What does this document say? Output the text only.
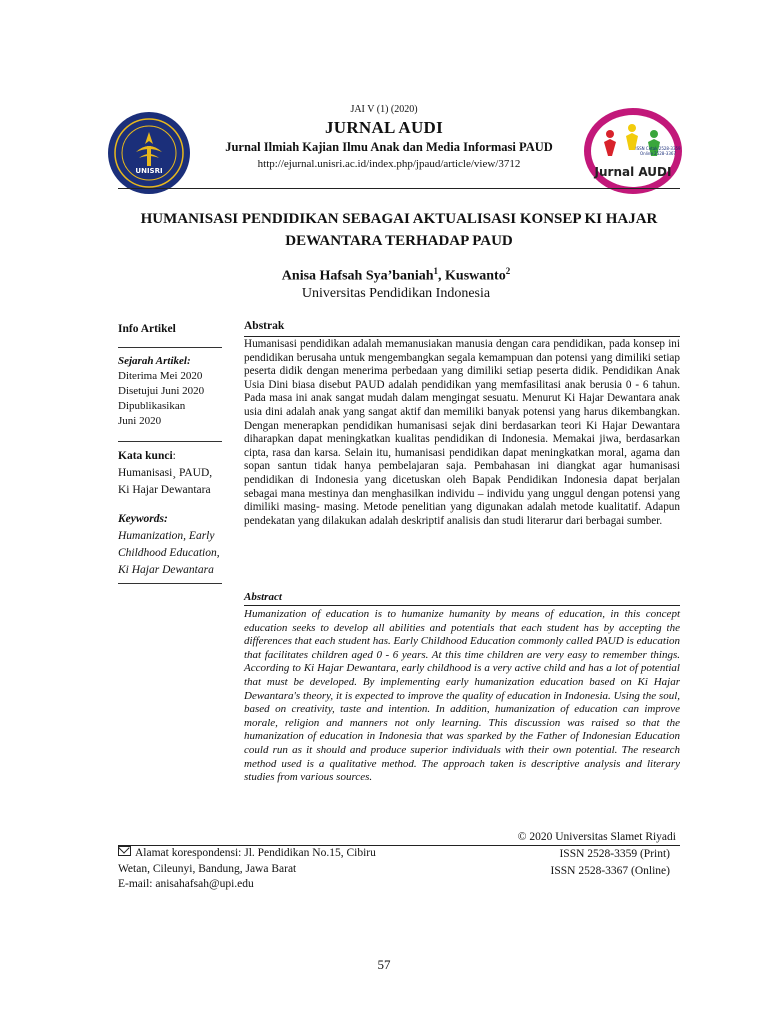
UNISRI
ISSN Cetak 2528-3359
Online 2528-3367
Jurnal AUDI
JAI V (1) (2020)
JURNAL AUDI
Jurnal Ilmiah Kajian Ilmu Anak dan Media Informasi PAUD
http://ejurnal.unisri.ac.id/index.php/jpaud/article/view/3712
HUMANISASI PENDIDIKAN SEBAGAI AKTUALISASI KONSEP KI HAJAR DEWANTARA TERHADAP PAUD
Anisa Hafsah Sya’baniah$^1$, Kuswanto$^2$
Universitas Pendidikan Indonesia
Info Artikel
Sejarah Artikel:
Diterima Mei 2020
Disetujui Juni 2020
Dipublikasikan
Juni 2020
Kata kunci:
Humanisasi¸ PAUD,
Ki Hajar Dewantara
Keywords:
Humanization, Early
Childhood Education,
Ki Hajar Dewantara
Abstrak
Humanisasi pendidikan adalah memanusiakan manusia dengan cara pendidikan, pada konsep ini pendidikan berusaha untuk mengembangkan segala kemampuan dan potensi yang dimiliki setiap peserta didik dengan menerima perbedaan yang dimiliki setiap peserta didik. Pendidikan Anak Usia Dini biasa disebut PAUD adalah pendidikan yang memfasilitasi anak berusia 0 - 6 tahun. Pada masa ini anak sangat mudah dalam mengingat sesuatu. Menurut Ki Hajar Dewantara anak usia dini adalah anak yang sangat aktif dan memiliki banyak potensi yang harus dikembangkan. Dengan menerapkan pendidikan humanisasi sejak dini berdasarkan teori Ki Hajar Dewantara diharapkan dapat meningkatkan kualitas pendidikan di Indonesia. Memakai jiwa, berdasarkan cipta, rasa dan karsa. Selain itu, humanisasi pendidikan dapat meningkatkan moral, agama dan sopan santun tidak hanya pembelajaran saja. Pembahasan ini diangkat agar humanisasi pendidikan di Indonesia yang dicetuskan oleh Bapak Pendidikan Indonesia dapat berjalan sebagai mana mestinya dan menghasilkan individu – individu yang unggul dengan potensi yang dimiliki masing- masing. Metode penelitian yang digunakan adalah metode kualitatif. Adapun pendekatan yang dilakukan adalah deskriptif analisis dan studi literarur dari berbagai sumber.
Abstract
Humanization of education is to humanize humanity by means of education, in this concept education seeks to develop all abilities and potentials that each student has by accepting the differences that each student has. Early Childhood Education commonly called PAUD is education that facilitates children aged 0 - 6 years. At this time children are very easy to remember things. According to Ki Hajar Dewantara, early childhood is a very active child and has a lot of potential that must be developed. By implementing early humanization education based on Ki Hajar Dewantara's theory, it is expected to improve the quality of education in Indonesia. Using the soul, based on creativity, taste and intention. In addition, humanization of education can improve morale, religion and manners not only learning. This discussion was raised so that the humanization of education in Indonesia that was sparked by the Father of Indonesian Education could run as it should and produce superior individuals with their own potential. The research method used is a qualitative method. The approach taken is descriptive analysis and literary studies from various sources.
© 2020 Universitas Slamet Riyadi
Alamat korespondensi: Jl. Pendidikan No.15, Cibiru
Wetan, Cileunyi, Bandung, Jawa Barat
E-mail: anisahafsah@upi.edu
ISSN 2528-3359 (Print)
ISSN 2528-3367 (Online)
57
